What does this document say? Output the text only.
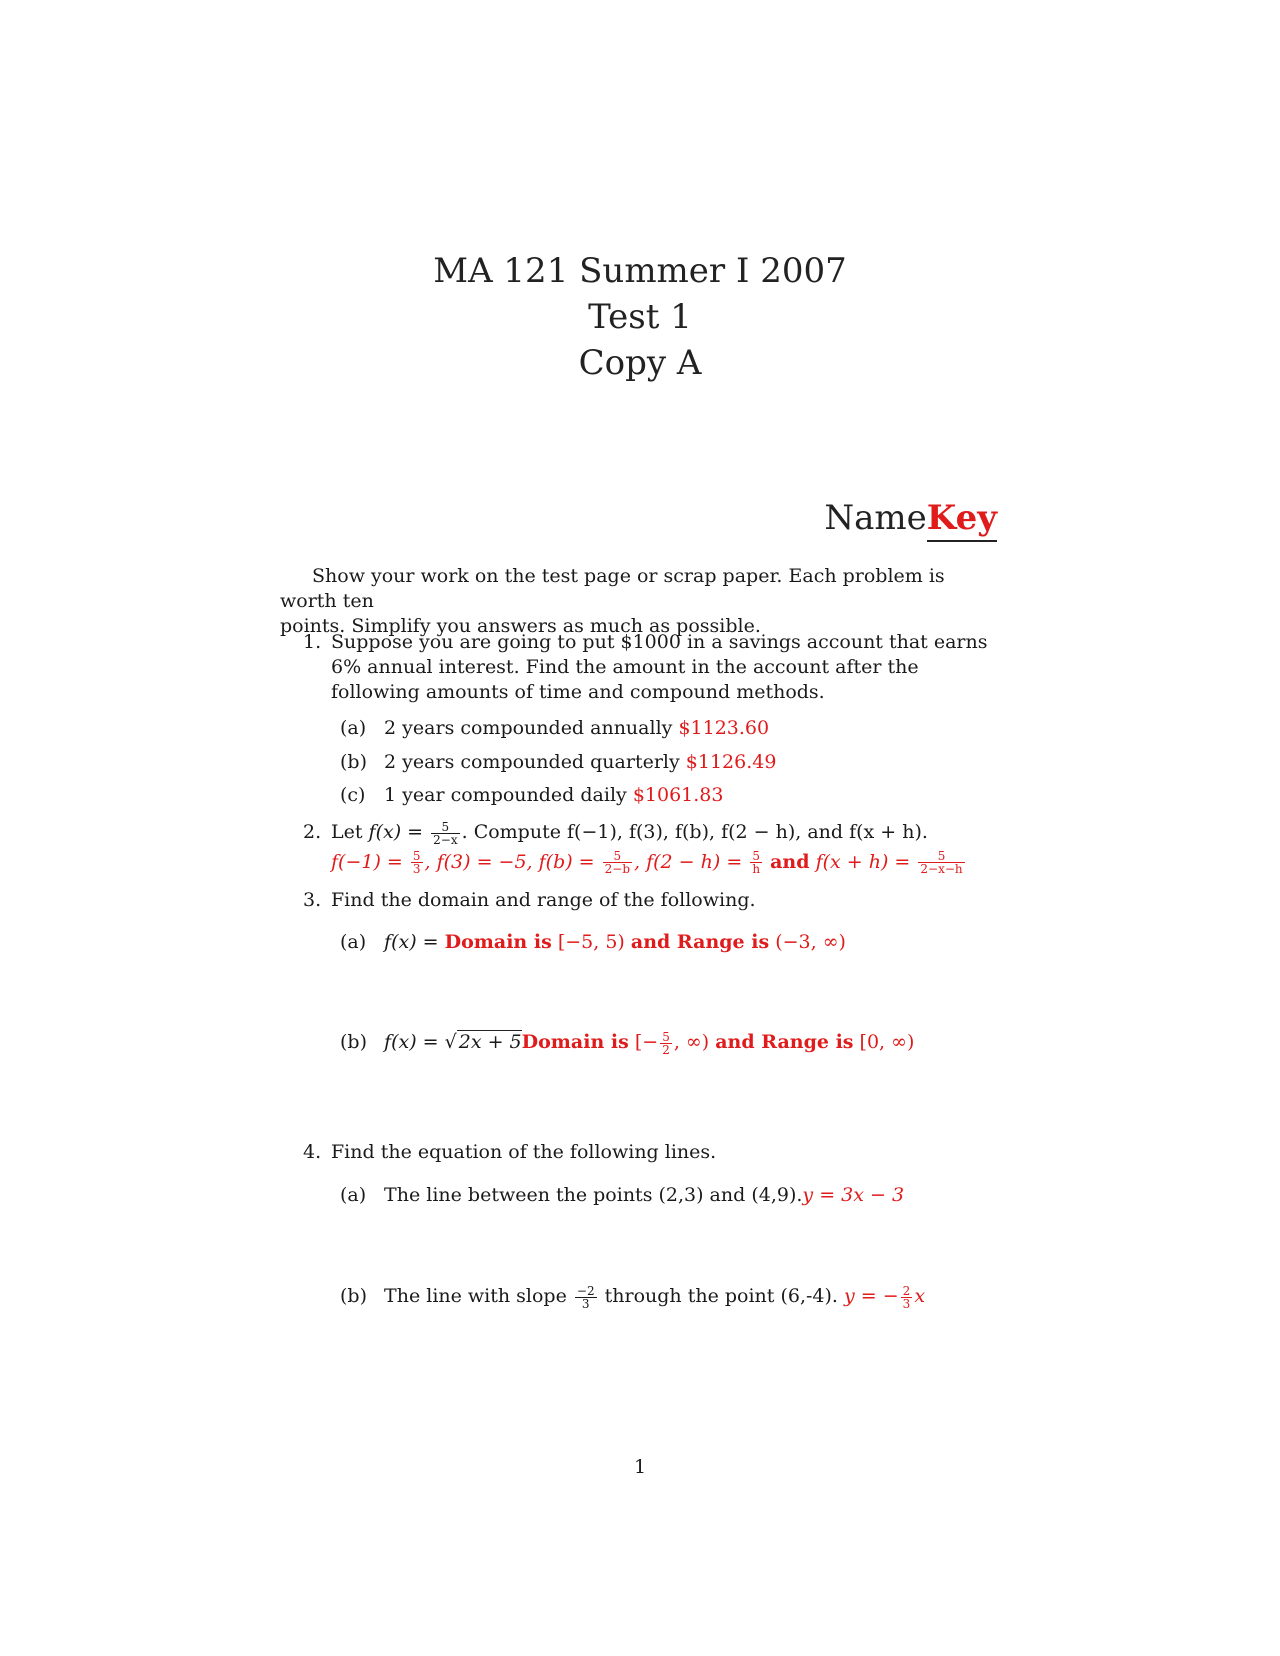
MA 121 Summer I 2007
Test 1
Copy A
NameKey
Show your work on the test page or scrap paper. Each problem is worth ten
points. Simplify you answers as much as possible.
1. Suppose you are going to put $1000 in a savings account that earns 6% annual interest. Find the amount in the account after the following amounts of time and compound methods.
(a) 2 years compounded annually $1123.60
(b) 2 years compounded quarterly $1126.49
(c) 1 year compounded daily $1061.83
2. Let $f(x) = \frac{5}{2-x}$ . Compute f(−1), f(3), f(b), f(2 − h), and f(x + h).
$f(-1) = \frac{5}{3}$ , f(3) = −5, $f(b) = \frac{5}{2-b}$ , $f(2 - h) = \frac{5}{h}$ and $f(x + h) = \frac{5}{2-x-h}$
3. Find the domain and range of the following.
(a) f(x) = Domain is [−5, 5) and Range is (−3, ∞)
(b) f(x) = √ 2x + 5Domain is [− $\frac{5}{2}$ , ∞) and Range is [0, ∞)
4. Find the equation of the following lines.
(a) The line between the points (2,3) and (4,9).y = 3x − 3
(b) The line with slope $\frac{-2}{3}$ through the point (6,-4). y = − $\frac{2}{3}$ x
1
